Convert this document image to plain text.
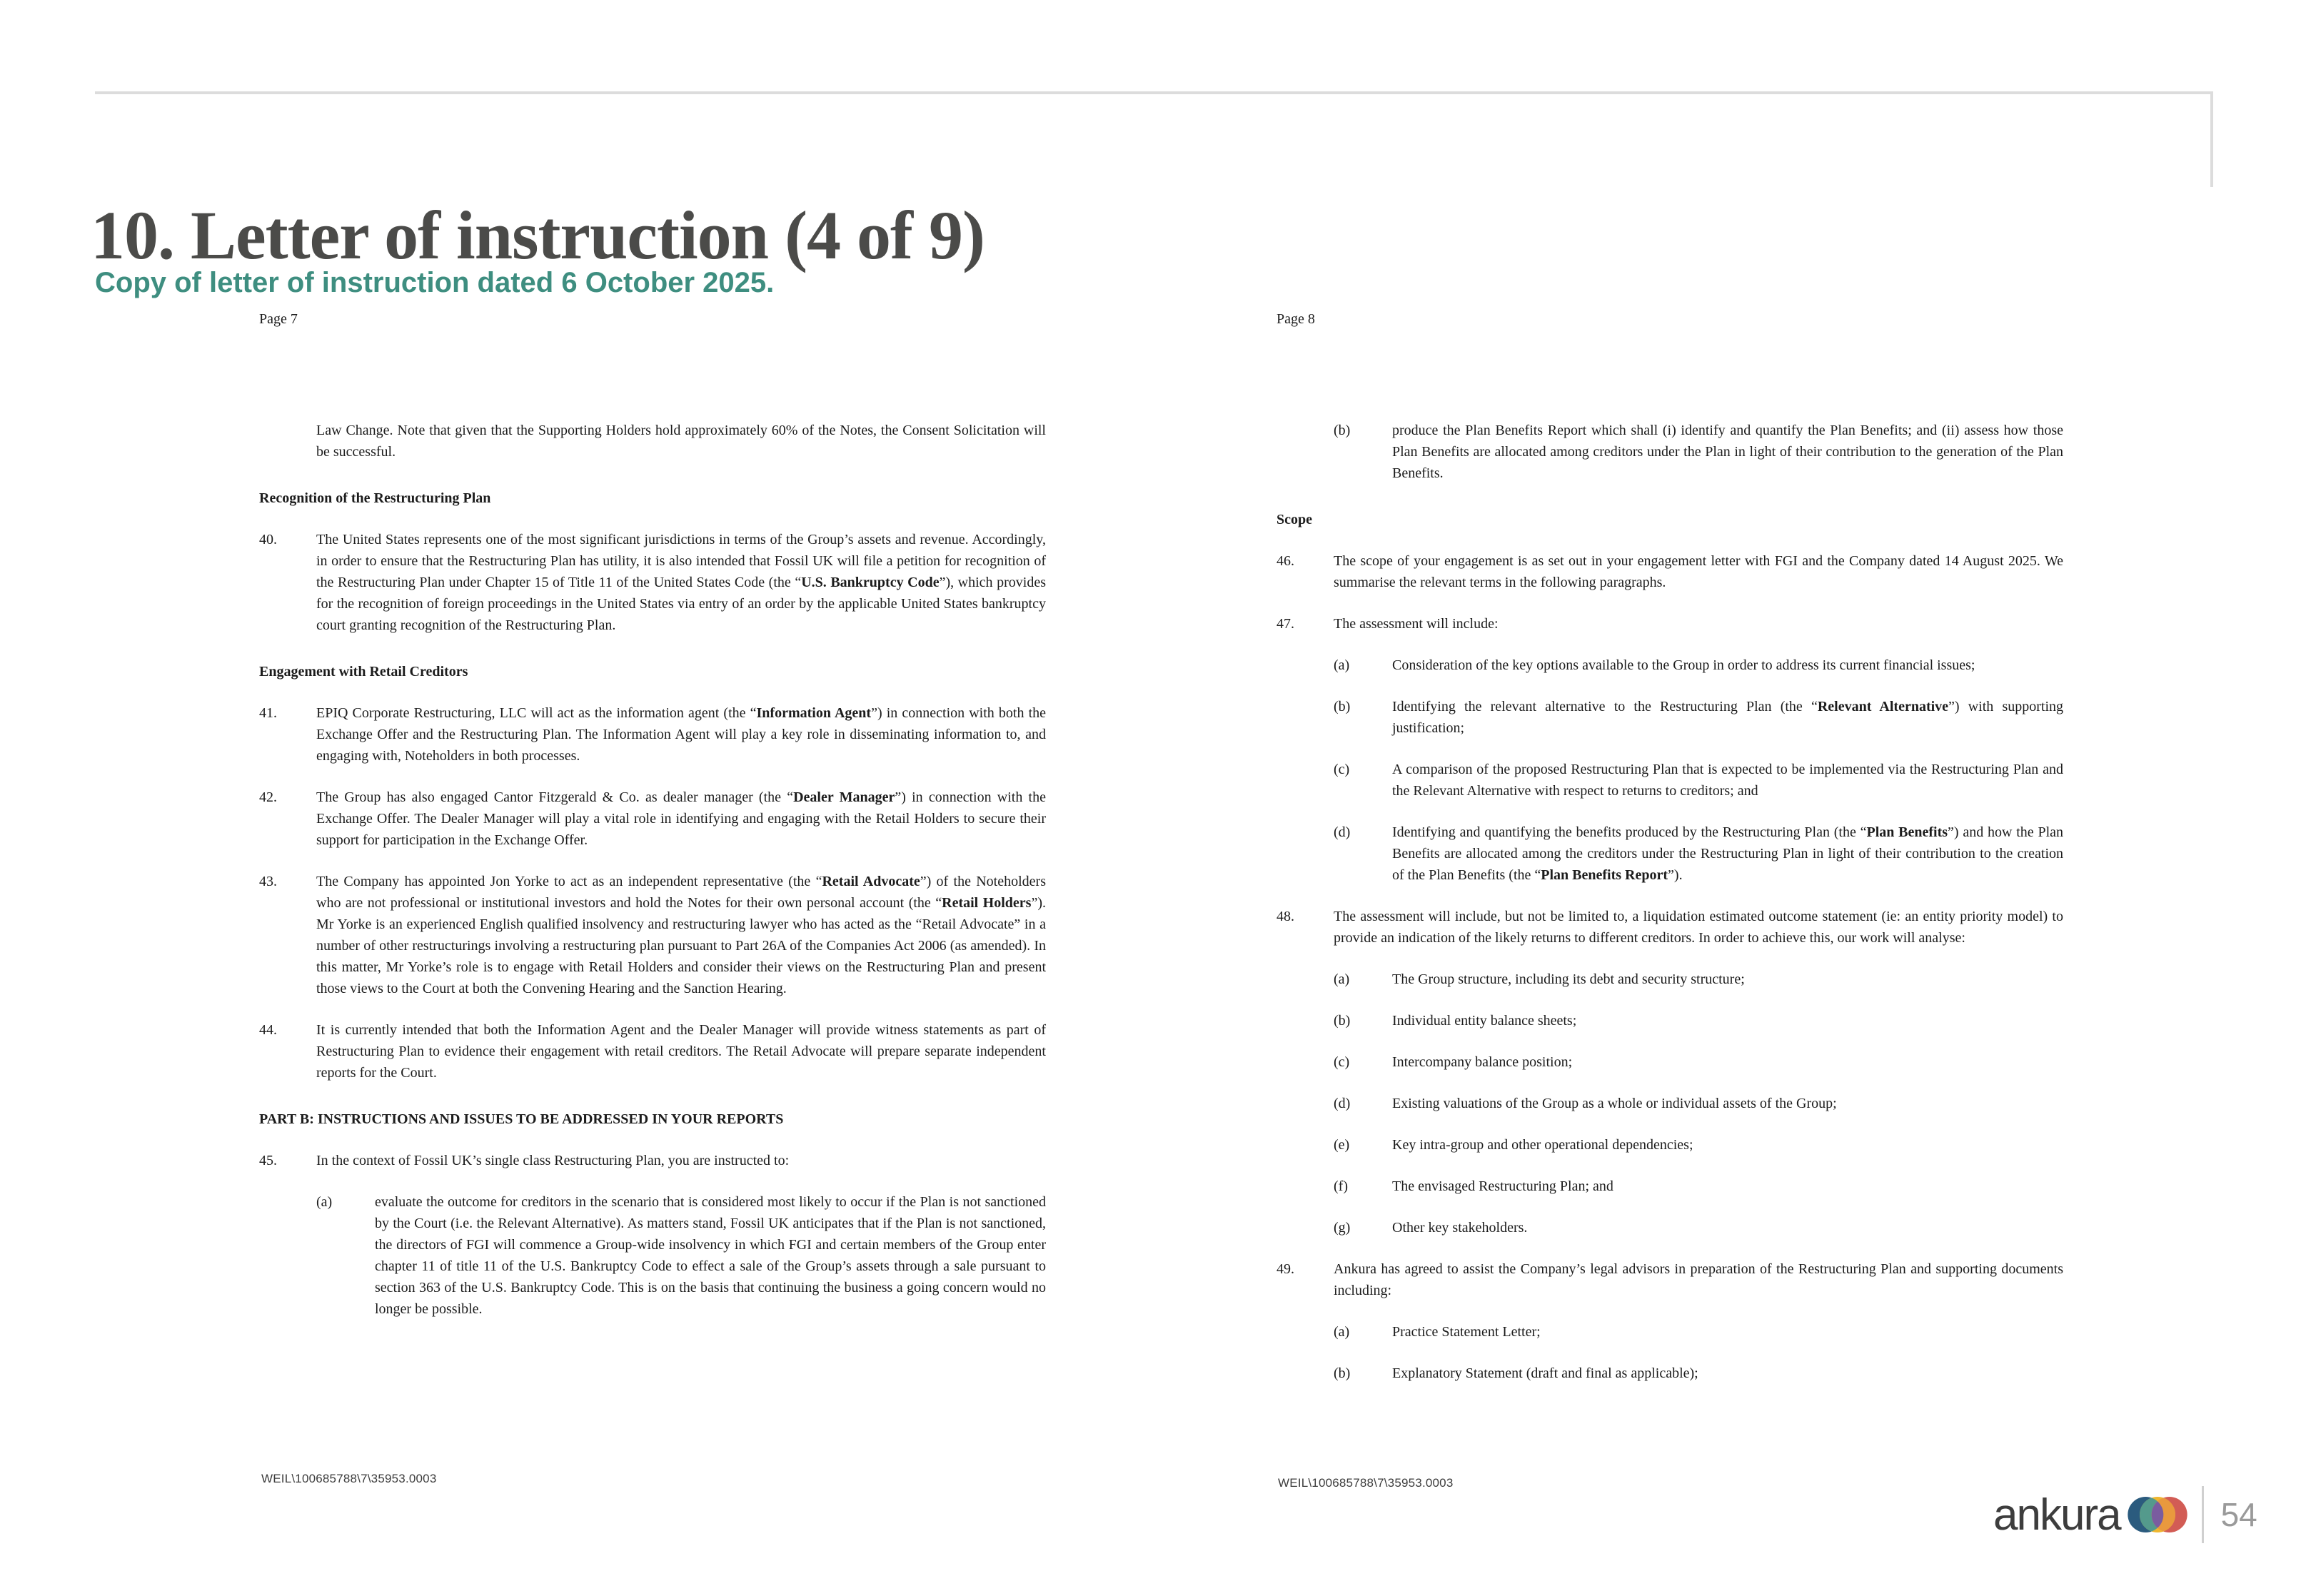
10. Letter of instruction (4 of 9)
Copy of letter of instruction dated 6 October 2025.
Page 7
Law Change. Note that given that the Supporting Holders hold approximately 60% of the Notes, the Consent Solicitation will be successful.
Recognition of the Restructuring Plan
40.	The United States represents one of the most significant jurisdictions in terms of the Group’s assets and revenue. Accordingly, in order to ensure that the Restructuring Plan has utility, it is also intended that Fossil UK will file a petition for recognition of the Restructuring Plan under Chapter 15 of Title 11 of the United States Code (the “U.S. Bankruptcy Code”), which provides for the recognition of foreign proceedings in the United States via entry of an order by the applicable United States bankruptcy court granting recognition of the Restructuring Plan.
Engagement with Retail Creditors
41.	EPIQ Corporate Restructuring, LLC will act as the information agent (the “Information Agent”) in connection with both the Exchange Offer and the Restructuring Plan. The Information Agent will play a key role in disseminating information to, and engaging with, Noteholders in both processes.
42.	The Group has also engaged Cantor Fitzgerald & Co. as dealer manager (the “Dealer Manager”) in connection with the Exchange Offer. The Dealer Manager will play a vital role in identifying and engaging with the Retail Holders to secure their support for participation in the Exchange Offer.
43.	The Company has appointed Jon Yorke to act as an independent representative (the “Retail Advocate”) of the Noteholders who are not professional or institutional investors and hold the Notes for their own personal account (the “Retail Holders”). Mr Yorke is an experienced English qualified insolvency and restructuring lawyer who has acted as the “Retail Advocate” in a number of other restructurings involving a restructuring plan pursuant to Part 26A of the Companies Act 2006 (as amended). In this matter, Mr Yorke’s role is to engage with Retail Holders and consider their views on the Restructuring Plan and present those views to the Court at both the Convening Hearing and the Sanction Hearing.
44.	It is currently intended that both the Information Agent and the Dealer Manager will provide witness statements as part of Restructuring Plan to evidence their engagement with retail creditors. The Retail Advocate will prepare separate independent reports for the Court.
PART B: INSTRUCTIONS AND ISSUES TO BE ADDRESSED IN YOUR REPORTS
45.	In the context of Fossil UK’s single class Restructuring Plan, you are instructed to:
(a)	evaluate the outcome for creditors in the scenario that is considered most likely to occur if the Plan is not sanctioned by the Court (i.e. the Relevant Alternative). As matters stand, Fossil UK anticipates that if the Plan is not sanctioned, the directors of FGI will commence a Group-wide insolvency in which FGI and certain members of the Group enter chapter 11 of title 11 of the U.S. Bankruptcy Code to effect a sale of the Group’s assets through a sale pursuant to section 363 of the U.S. Bankruptcy Code. This is on the basis that continuing the business a going concern would no longer be possible.
Page 8
(b)	produce the Plan Benefits Report which shall (i) identify and quantify the Plan Benefits; and (ii) assess how those Plan Benefits are allocated among creditors under the Plan in light of their contribution to the generation of the Plan Benefits.
Scope
46.	The scope of your engagement is as set out in your engagement letter with FGI and the Company dated 14 August 2025. We summarise the relevant terms in the following paragraphs.
47.	The assessment will include:
(a)	Consideration of the key options available to the Group in order to address its current financial issues;
(b)	Identifying the relevant alternative to the Restructuring Plan (the “Relevant Alternative”) with supporting justification;
(c)	A comparison of the proposed Restructuring Plan that is expected to be implemented via the Restructuring Plan and the Relevant Alternative with respect to returns to creditors; and
(d)	Identifying and quantifying the benefits produced by the Restructuring Plan (the “Plan Benefits”) and how the Plan Benefits are allocated among the creditors under the Restructuring Plan in light of their contribution to the creation of the Plan Benefits (the “Plan Benefits Report”).
48.	The assessment will include, but not be limited to, a liquidation estimated outcome statement (ie: an entity priority model) to provide an indication of the likely returns to different creditors. In order to achieve this, our work will analyse:
(a)	The Group structure, including its debt and security structure;
(b)	Individual entity balance sheets;
(c)	Intercompany balance position;
(d)	Existing valuations of the Group as a whole or individual assets of the Group;
(e)	Key intra-group and other operational dependencies;
(f)	The envisaged Restructuring Plan; and
(g)	Other key stakeholders.
49.	Ankura has agreed to assist the Company’s legal advisors in preparation of the Restructuring Plan and supporting documents including:
(a)	Practice Statement Letter;
(b)	Explanatory Statement (draft and final as applicable);
WEIL\100685788\7\35953.0003	WEIL\100685788\7\35953.0003
ankura	54
